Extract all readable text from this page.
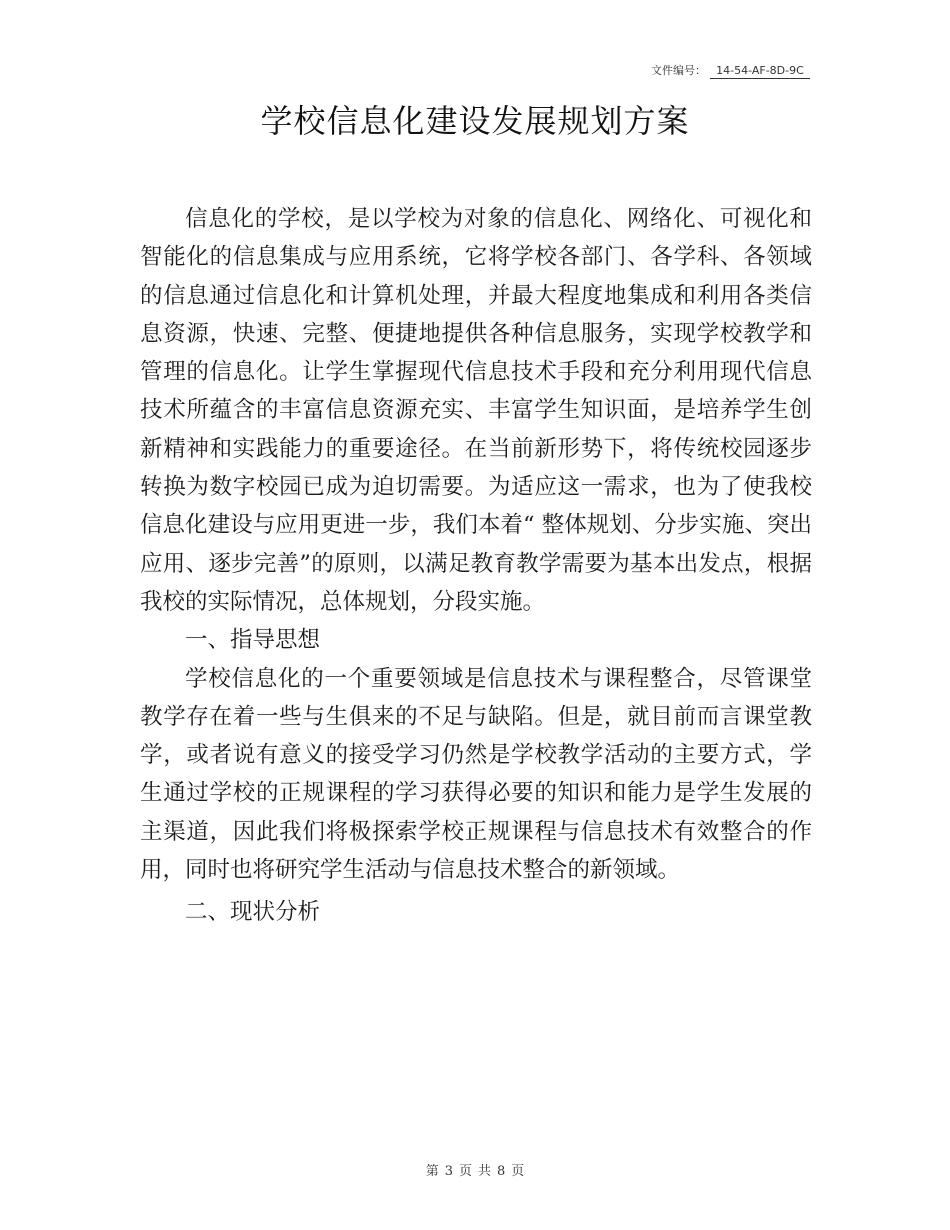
文件编号： 14-54-AF-8D-9C
学校信息化建设发展规划方案

信息化的学校，是以学校为对象的信息化、网络化、可视化和智能化的信息集成与应用系统，它将学校各部门、各学科、各领域的信息通过信息化和计算机处理，并最大程度地集成和利用各类信息资源，快速、完整、便捷地提供各种信息服务，实现学校教学和管理的信息化。让学生掌握现代信息技术手段和充分利用现代信息技术所蕴含的丰富信息资源充实、丰富学生知识面，是培养学生创新精神和实践能力的重要途径。在当前新形势下，将传统校园逐步转换为数字校园已成为迫切需要。为适应这一需求，也为了使我校信息化建设与应用更进一步，我们本着“ 整体规划、分步实施、突出应用、逐步完善”的原则，以满足教育教学需要为基本出发点，根据我校的实际情况，总体规划，分段实施。

一、指导思想

学校信息化的一个重要领域是信息技术与课程整合，尽管课堂教学存在着一些与生俱来的不足与缺陷。但是，就目前而言课堂教学，或者说有意义的接受学习仍然是学校教学活动的主要方式，学生通过学校的正规课程的学习获得必要的知识和能力是学生发展的主渠道，因此我们将极探索学校正规课程与信息技术有效整合的作用，同时也将研究学生活动与信息技术整合的新领域。

二、现状分析

第 3 页 共 8 页
